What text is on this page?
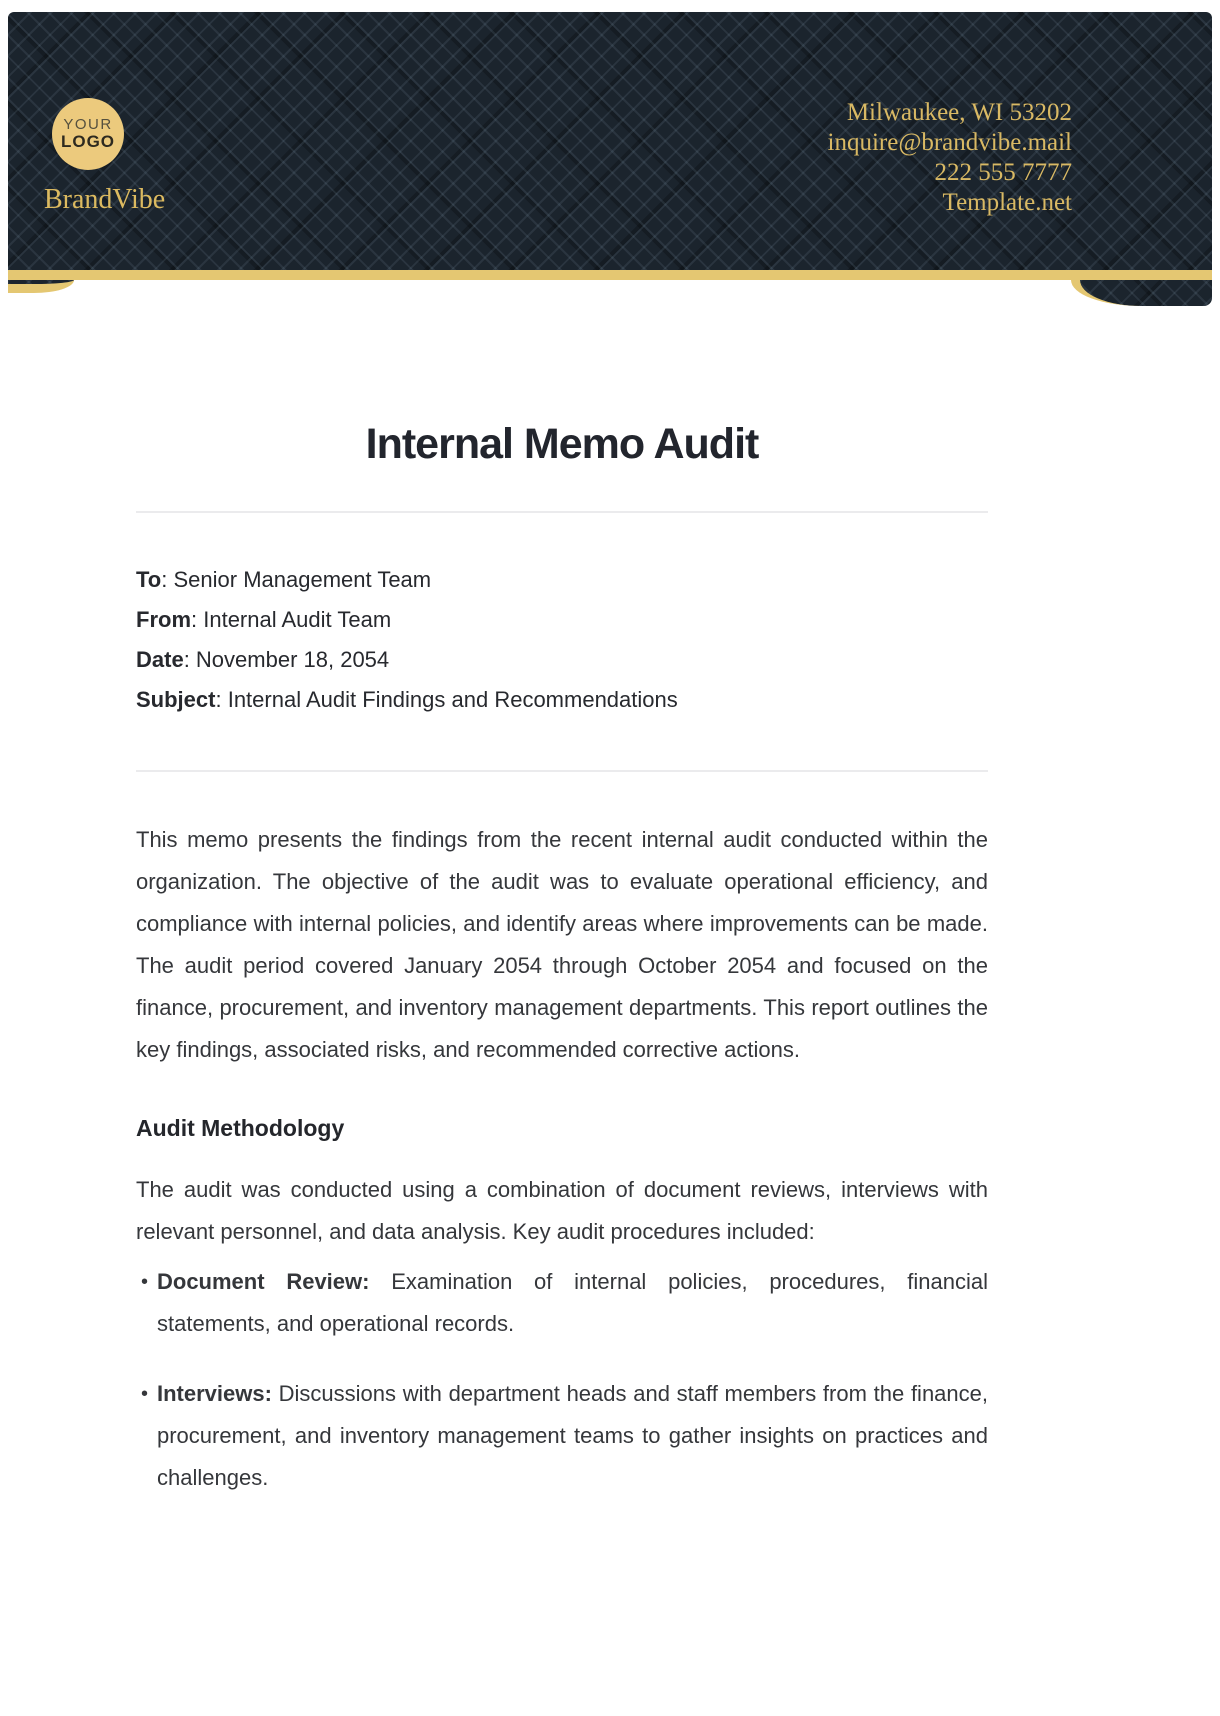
YOUR
LOGO
BrandVibe
Milwaukee, WI 53202
inquire@brandvibe.mail
222 555 7777
Template.net
Internal Memo Audit
To: Senior Management Team
From: Internal Audit Team
Date: November 18, 2054
Subject: Internal Audit Findings and Recommendations

This memo presents the findings from the recent internal audit conducted within the organization. The objective of the audit was to evaluate operational efficiency, and compliance with internal policies, and identify areas where improvements can be made. The audit period covered January 2054 through October 2054 and focused on the finance, procurement, and inventory management departments. This report outlines the key findings, associated risks, and recommended corrective actions.

Audit Methodology

The audit was conducted using a combination of document reviews, interviews with relevant personnel, and data analysis. Key audit procedures included:

• Document Review: Examination of internal policies, procedures, financial statements, and operational records.
• Interviews: Discussions with department heads and staff members from the finance, procurement, and inventory management teams to gather insights on practices and challenges.
